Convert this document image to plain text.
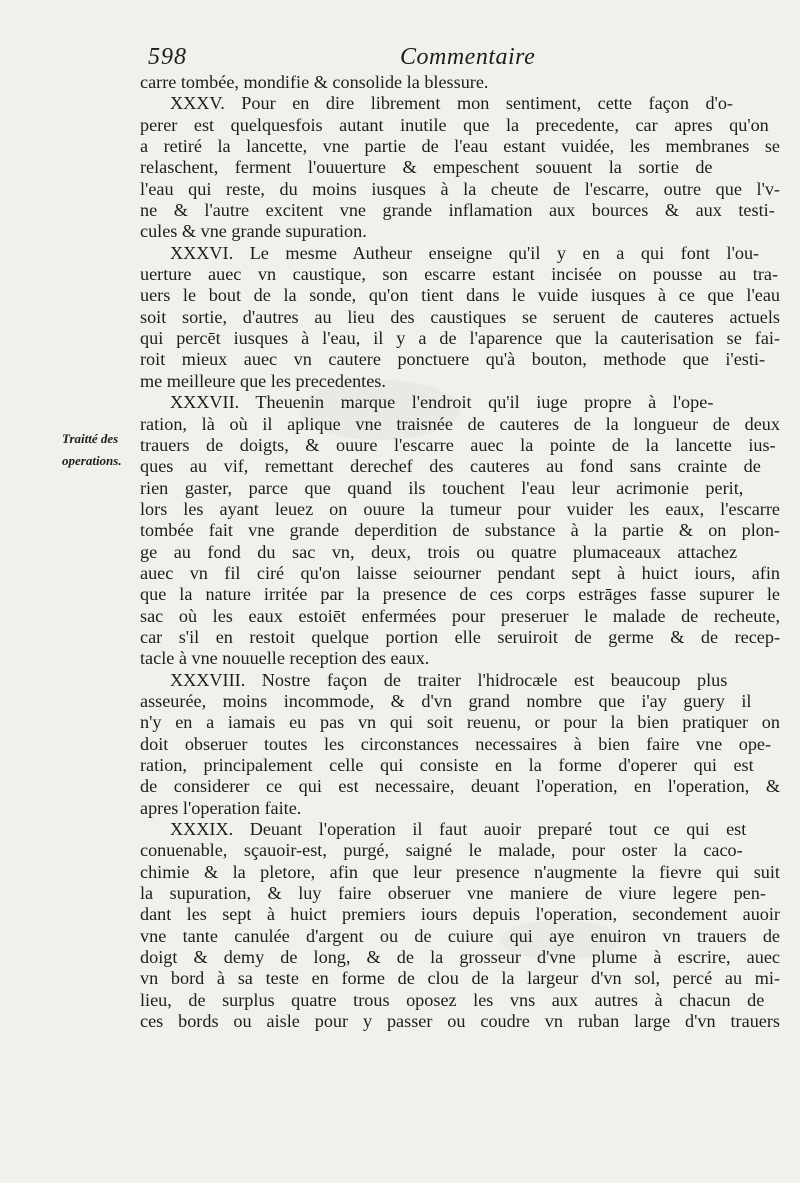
598	Commentaire
Traitté des
operations.
carre tombée, mondifie & consolide la blessure.
XXXV. Pour en dire librement mon sentiment, cette façon d'o-
perer est quelquesfois autant inutile que la precedente, car apres qu'on
a retiré la lancette, vne partie de l'eau estant vuidée, les membranes se
relaschent, ferment l'ouuerture & empeschent souuent la sortie de
l'eau qui reste, du moins iusques à la cheute de l'escarre, outre que l'v-
ne & l'autre excitent vne grande inflamation aux bources & aux testi-
cules & vne grande supuration.
XXXVI. Le mesme Autheur enseigne qu'il y en a qui font l'ou-
uerture auec vn caustique, son escarre estant incisée on pousse au tra-
uers le bout de la sonde, qu'on tient dans le vuide iusques à ce que l'eau
soit sortie, d'autres au lieu des caustiques se seruent de cauteres actuels
qui percēt iusques à l'eau, il y a de l'aparence que la cauterisation se fai-
roit mieux auec vn cautere ponctuere qu'à bouton, methode que i'esti-
me meilleure que les precedentes.
XXXVII. Theuenin marque l'endroit qu'il iuge propre à l'ope-
ration, là où il aplique vne traisnée de cauteres de la longueur de deux
trauers de doigts, & ouure l'escarre auec la pointe de la lancette ius-
ques au vif, remettant derechef des cauteres au fond sans crainte de
rien gaster, parce que quand ils touchent l'eau leur acrimonie perit,
lors les ayant leuez on ouure la tumeur pour vuider les eaux, l'escarre
tombée fait vne grande deperdition de substance à la partie & on plon-
ge au fond du sac vn, deux, trois ou quatre plumaceaux attachez
auec vn fil ciré qu'on laisse seiourner pendant sept à huict iours, afin
que la nature irritée par la presence de ces corps estrāges fasse supurer le
sac où les eaux estoiēt enfermées pour preseruer le malade de recheute,
car s'il en restoit quelque portion elle seruiroit de germe & de recep-
tacle à vne nouuelle reception des eaux.
XXXVIII. Nostre façon de traiter l'hidrocæle est beaucoup plus
asseurée, moins incommode, & d'vn grand nombre que i'ay guery il
n'y en a iamais eu pas vn qui soit reuenu, or pour la bien pratiquer on
doit obseruer toutes les circonstances necessaires à bien faire vne ope-
ration, principalement celle qui consiste en la forme d'operer qui est
de considerer ce qui est necessaire, deuant l'operation, en l'operation, &
apres l'operation faite.
XXXIX. Deuant l'operation il faut auoir preparé tout ce qui est
conuenable, sçauoir-est, purgé, saigné le malade, pour oster la caco-
chimie & la pletore, afin que leur presence n'augmente la fievre qui suit
la supuration, & luy faire obseruer vne maniere de viure legere pen-
dant les sept à huict premiers iours depuis l'operation, secondement auoir
vne tante canulée d'argent ou de cuiure qui aye enuiron vn trauers de
doigt & demy de long, & de la grosseur d'vne plume à escrire, auec
vn bord à sa teste en forme de clou de la largeur d'vn sol, percé au mi-
lieu, de surplus quatre trous oposez les vns aux autres à chacun de
ces bords ou aisle pour y passer ou coudre vn ruban large d'vn trauers
